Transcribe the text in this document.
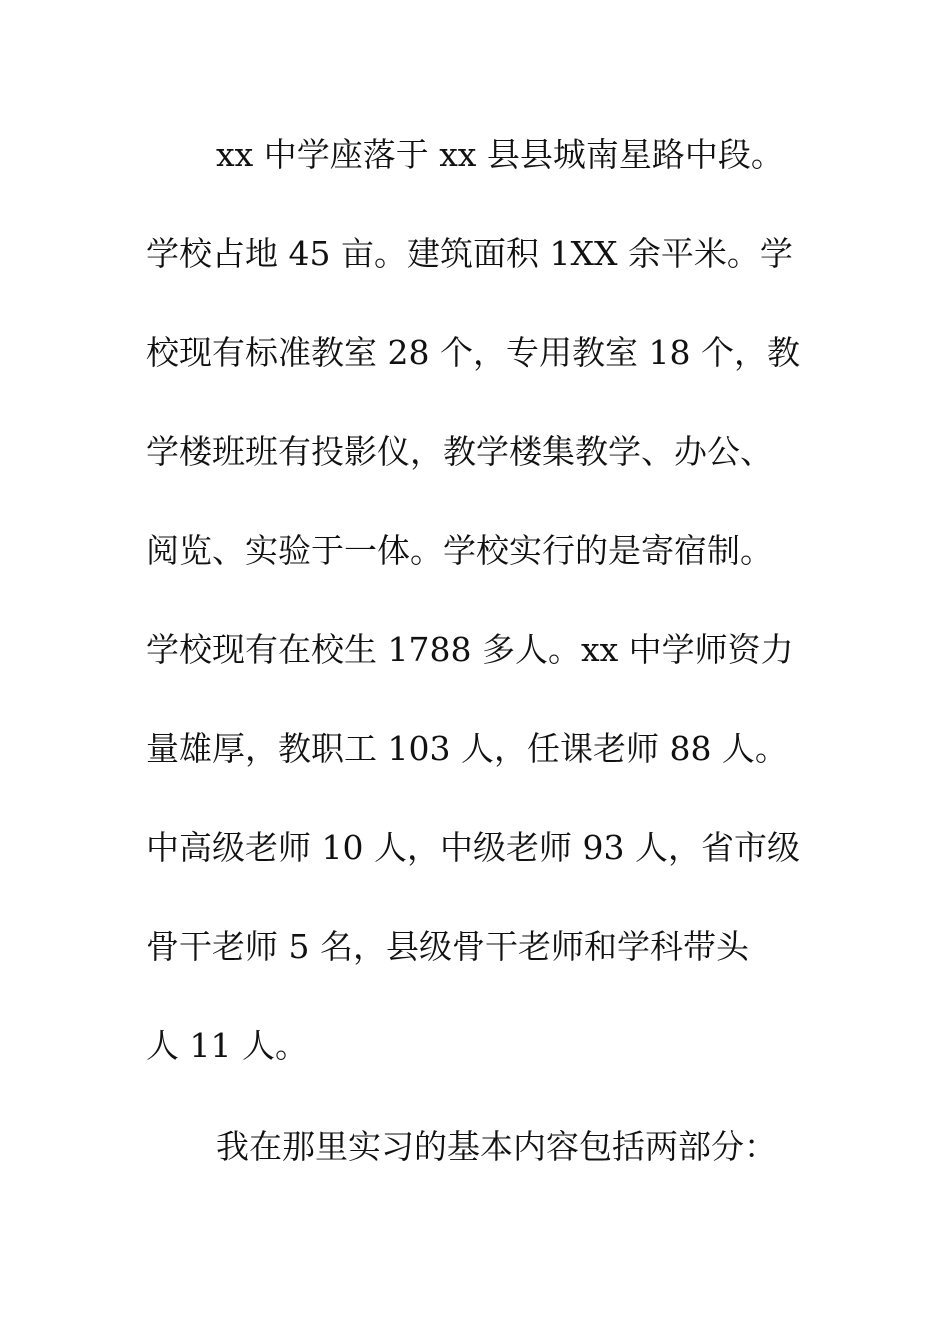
xx 中学座落于 xx 县县城南星路中段。
学校占地 45 亩。建筑面积 1XX 余平米。学
校现有标准教室 28 个，专用教室 18 个，教
学楼班班有投影仪，教学楼集教学、办公、
阅览、实验于一体。学校实行的是寄宿制。
学校现有在校生 1788 多人。xx 中学师资力
量雄厚，教职工 103 人，任课老师 88 人。
中高级老师 10 人，中级老师 93 人，省市级
骨干老师 5 名，县级骨干老师和学科带头
人 11 人。
我在那里实习的基本内容包括两部分：
